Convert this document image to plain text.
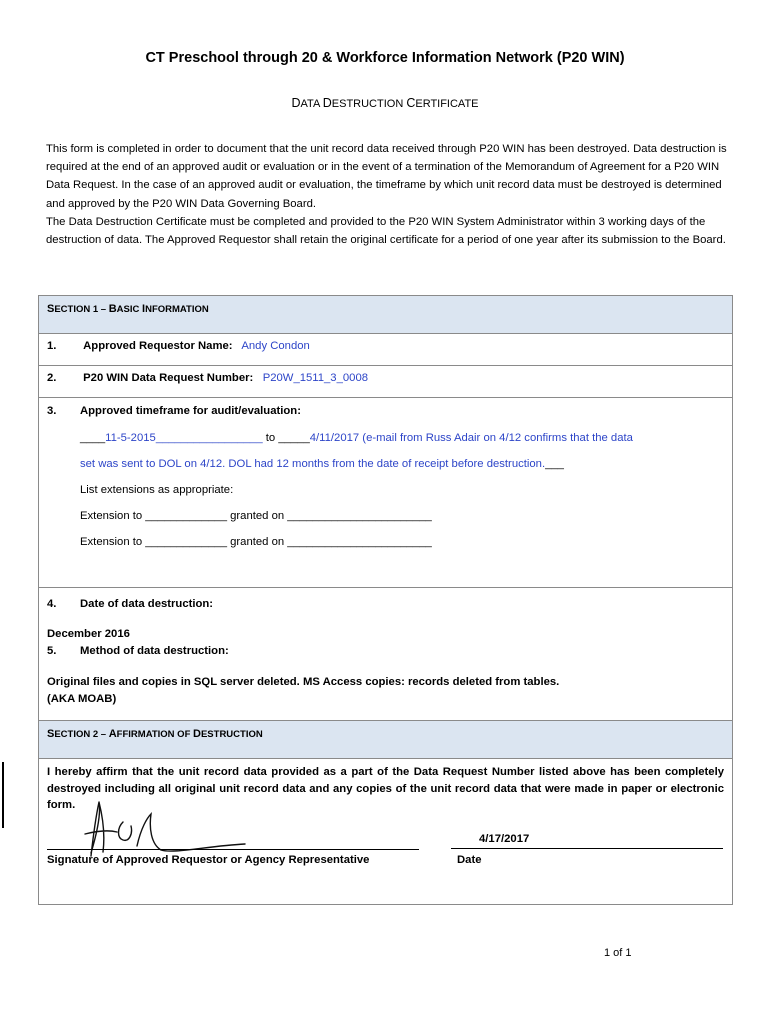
CT Preschool through 20 & Workforce Information Network (P20 WIN)
DATA DESTRUCTION CERTIFICATE

This form is completed in order to document that the unit record data received through P20 WIN has been destroyed. Data destruction is required at the end of an approved audit or evaluation or in the event of a termination of the Memorandum of Agreement for a P20 WIN Data Request. In the case of an approved audit or evaluation, the timeframe by which unit record data must be destroyed is determined and approved by the P20 WIN Data Governing Board.

The Data Destruction Certificate must be completed and provided to the P20 WIN System Administrator within 3 working days of the destruction of data. The Approved Requestor shall retain the original certificate for a period of one year after its submission to the Board.

SECTION 1 – BASIC INFORMATION

1. Approved Requestor Name: Andy Condon

2. P20 WIN Data Request Number: P20W_1511_3_0008

3. Approved timeframe for audit/evaluation:
____11-5-2015_________________ to _____4/11/2017 (e-mail from Russ Adair on 4/12 confirms that the data
set was sent to DOL on 4/12. DOL had 12 months from the date of receipt before destruction.___
List extensions as appropriate:
Extension to _____________ granted on _______________________
Extension to _____________ granted on _______________________

4. Date of data destruction:
December 2016
5. Method of data destruction:
Original files and copies in SQL server deleted. MS Access copies: records deleted from tables.
(AKA MOAB)

SECTION 2 – AFFIRMATION OF DESTRUCTION

I hereby affirm that the unit record data provided as a part of the Data Request Number listed above has been completely destroyed including all original unit record data and any copies of the unit record data that were made in paper or electronic form.
4/17/2017
Signature of Approved Requestor or Agency Representative	Date
1 of 1
